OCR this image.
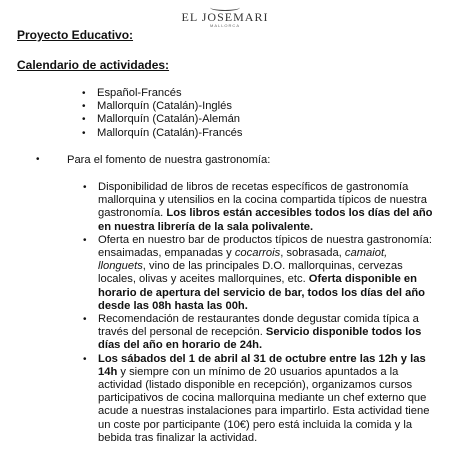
EL JOSEMARI
MALLORCA

Proyecto Educativo:

Calendario de actividades:

• Español-Francés
• Mallorquín (Catalán)-Inglés
• Mallorquín (Catalán)-Alemán
• Mallorquín (Catalán)-Francés
• Para el fomento de nuestra gastronomía:
• Disponibilidad de libros de recetas específicos de gastronomía mallorquina y utensilios en la cocina compartida típicos de nuestra gastronomía. Los libros están accesibles todos los días del año en nuestra librería de la sala polivalente.
• Oferta en nuestro bar de productos típicos de nuestra gastronomía: ensaimadas, empanadas y cocarrois, sobrasada, camaiot, llonguets, vino de las principales D.O. mallorquinas, cervezas locales, olivas y aceites mallorquines, etc. Oferta disponible en horario de apertura del servicio de bar, todos los días del año desde las 08h hasta las 00h.
• Recomendación de restaurantes donde degustar comida típica a través del personal de recepción. Servicio disponible todos los días del año en horario de 24h.
• Los sábados del 1 de abril al 31 de octubre entre las 12h y las 14h y siempre con un mínimo de 20 usuarios apuntados a la actividad (listado disponible en recepción), organizamos cursos participativos de cocina mallorquina mediante un chef externo que acude a nuestras instalaciones para impartirlo. Esta actividad tiene un coste por participante (10€) pero está incluida la comida y la bebida tras finalizar la actividad.
